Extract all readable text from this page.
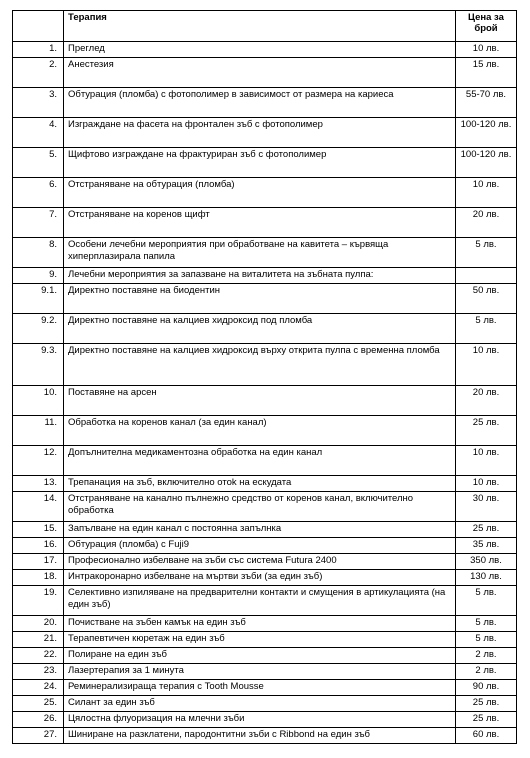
	Терапия	Цена за брой
1.	Преглед	10 лв.
2.	Анестезия	15 лв.
3.	Обтурация (пломба) с фотополимер в зависимост от размера на кариеса	55-70 лв.
4.	Изграждане на фасета на фронтален зъб с фотополимер	100-120 лв.
5.	Щифтово изграждане на фрактуриран зъб с фотополимер	100-120 лв.
6.	Отстраняване на обтурация (пломба)	10 лв.
7.	Отстраняване на коренов щифт	20 лв.
8.	Особени лечебни мероприятия при обработване на кавитета – кървяща хиперплазирала папила	5 лв.
9.	Лечебни мероприятия за запазване на виталитета на зъбната пулпа:	
9.1.	Директно поставяне на биодентин	50 лв.
9.2.	Директно поставяне на калциев хидроксид под пломба	5 лв.
9.3.	Директно поставяне на калциев хидроксид върху открита пулпа с временна пломба	10 лв.
10.	Поставяне на арсен	20 лв.
11.	Обработка на коренов канал (за един канал)	25 лв.
12.	Допълнителна медикаментозна обработка на един канал	10 лв.
13.	Трепанация на зъб, включително отоk на ескудата	10 лв.
14.	Отстраняване на канално пълнежно средство от коренов канал, включително обработка	30 лв.
15.	Запълване на един канал с постоянна запълнка	25 лв.
16.	Обтурация (пломба) с Fuji9	35 лв.
17.	Професионално избелване на зъби със система Futura 2400	350 лв.
18.	Интракоронарно избелване на мъртви зъби (за един зъб)	130 лв.
19.	Селективно изпиляване на предварителни контакти и смущения в артикулацията (на един зъб)	5 лв.
20.	Почистване на зъбен камък на един зъб	5 лв.
21.	Терапевтичен кюретаж на един зъб	5 лв.
22.	Полиране на един зъб	2 лв.
23.	Лазертерапия за 1 минута	2 лв.
24.	Реминерализираща терапия с Tooth Mousse	90 лв.
25.	Силант за един зъб	25 лв.
26.	Цялостна флуоризация на млечни зъби	25 лв.
27.	Шиниране на разклатени, пародонтитни зъби с Ribbond на един зъб	60 лв.
